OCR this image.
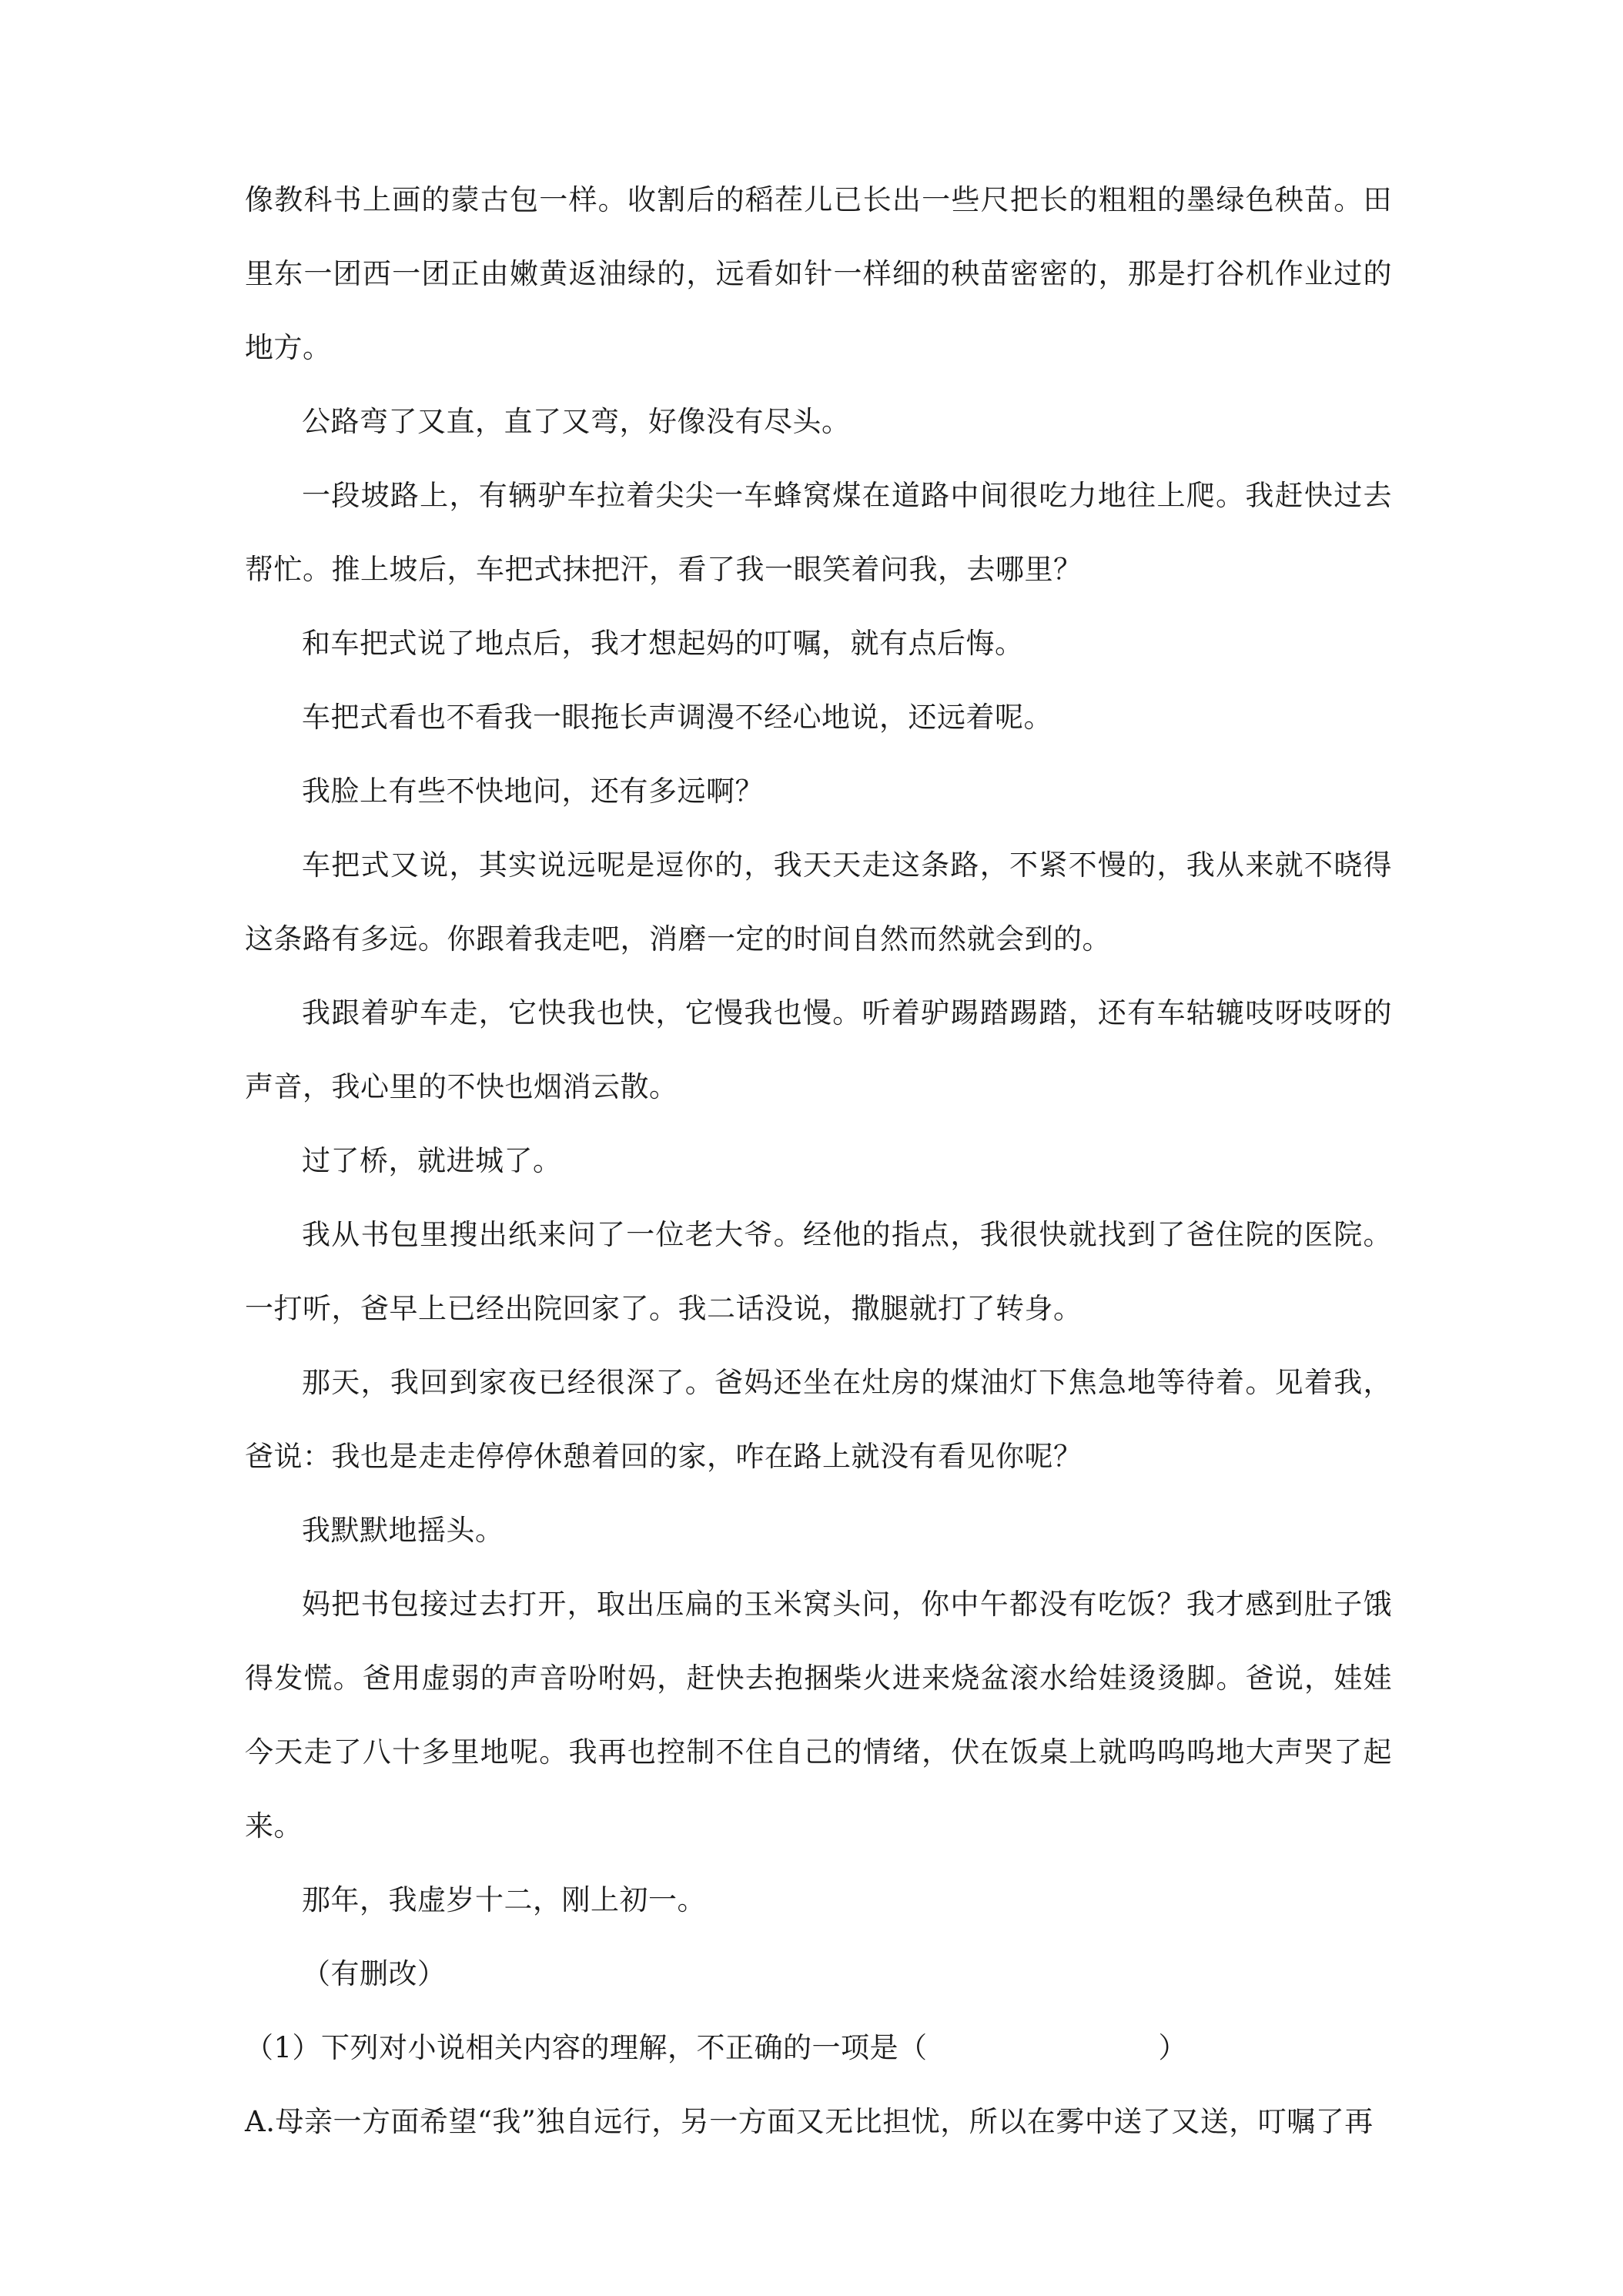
像教科书上画的蒙古包一样。收割后的稻茬儿已长出一些尺把长的粗粗的墨绿色秧苗。田里东一团西一团正由嫩黄返油绿的，远看如针一样细的秧苗密密的，那是打谷机作业过的地方。

公路弯了又直，直了又弯，好像没有尽头。

一段坡路上，有辆驴车拉着尖尖一车蜂窝煤在道路中间很吃力地往上爬。我赶快过去帮忙。推上坡后，车把式抹把汗，看了我一眼笑着问我，去哪里？

和车把式说了地点后，我才想起妈的叮嘱，就有点后悔。

车把式看也不看我一眼拖长声调漫不经心地说，还远着呢。

我脸上有些不快地问，还有多远啊？

车把式又说，其实说远呢是逗你的，我天天走这条路，不紧不慢的，我从来就不晓得这条路有多远。你跟着我走吧，消磨一定的时间自然而然就会到的。

我跟着驴车走，它快我也快，它慢我也慢。听着驴踢踏踢踏，还有车轱辘吱呀吱呀的声音，我心里的不快也烟消云散。

过了桥，就进城了。

我从书包里搜出纸来问了一位老大爷。经他的指点，我很快就找到了爸住院的医院。一打听，爸早上已经出院回家了。我二话没说，撒腿就打了转身。

那天，我回到家夜已经很深了。爸妈还坐在灶房的煤油灯下焦急地等待着。见着我，爸说：我也是走走停停休憩着回的家，咋在路上就没有看见你呢？

我默默地摇头。

妈把书包接过去打开，取出压扁的玉米窝头问，你中午都没有吃饭？我才感到肚子饿得发慌。爸用虚弱的声音吩咐妈，赶快去抱捆柴火进来烧盆滚水给娃烫烫脚。爸说，娃娃今天走了八十多里地呢。我再也控制不住自己的情绪，伏在饭桌上就呜呜呜地大声哭了起来。

那年，我虚岁十二，刚上初一。

（有删改）

（1）下列对小说相关内容的理解，不正确的一项是（	）

A.母亲一方面希望“我”独自远行，另一方面又无比担忧，所以在雾中送了又送，叮嘱了再
